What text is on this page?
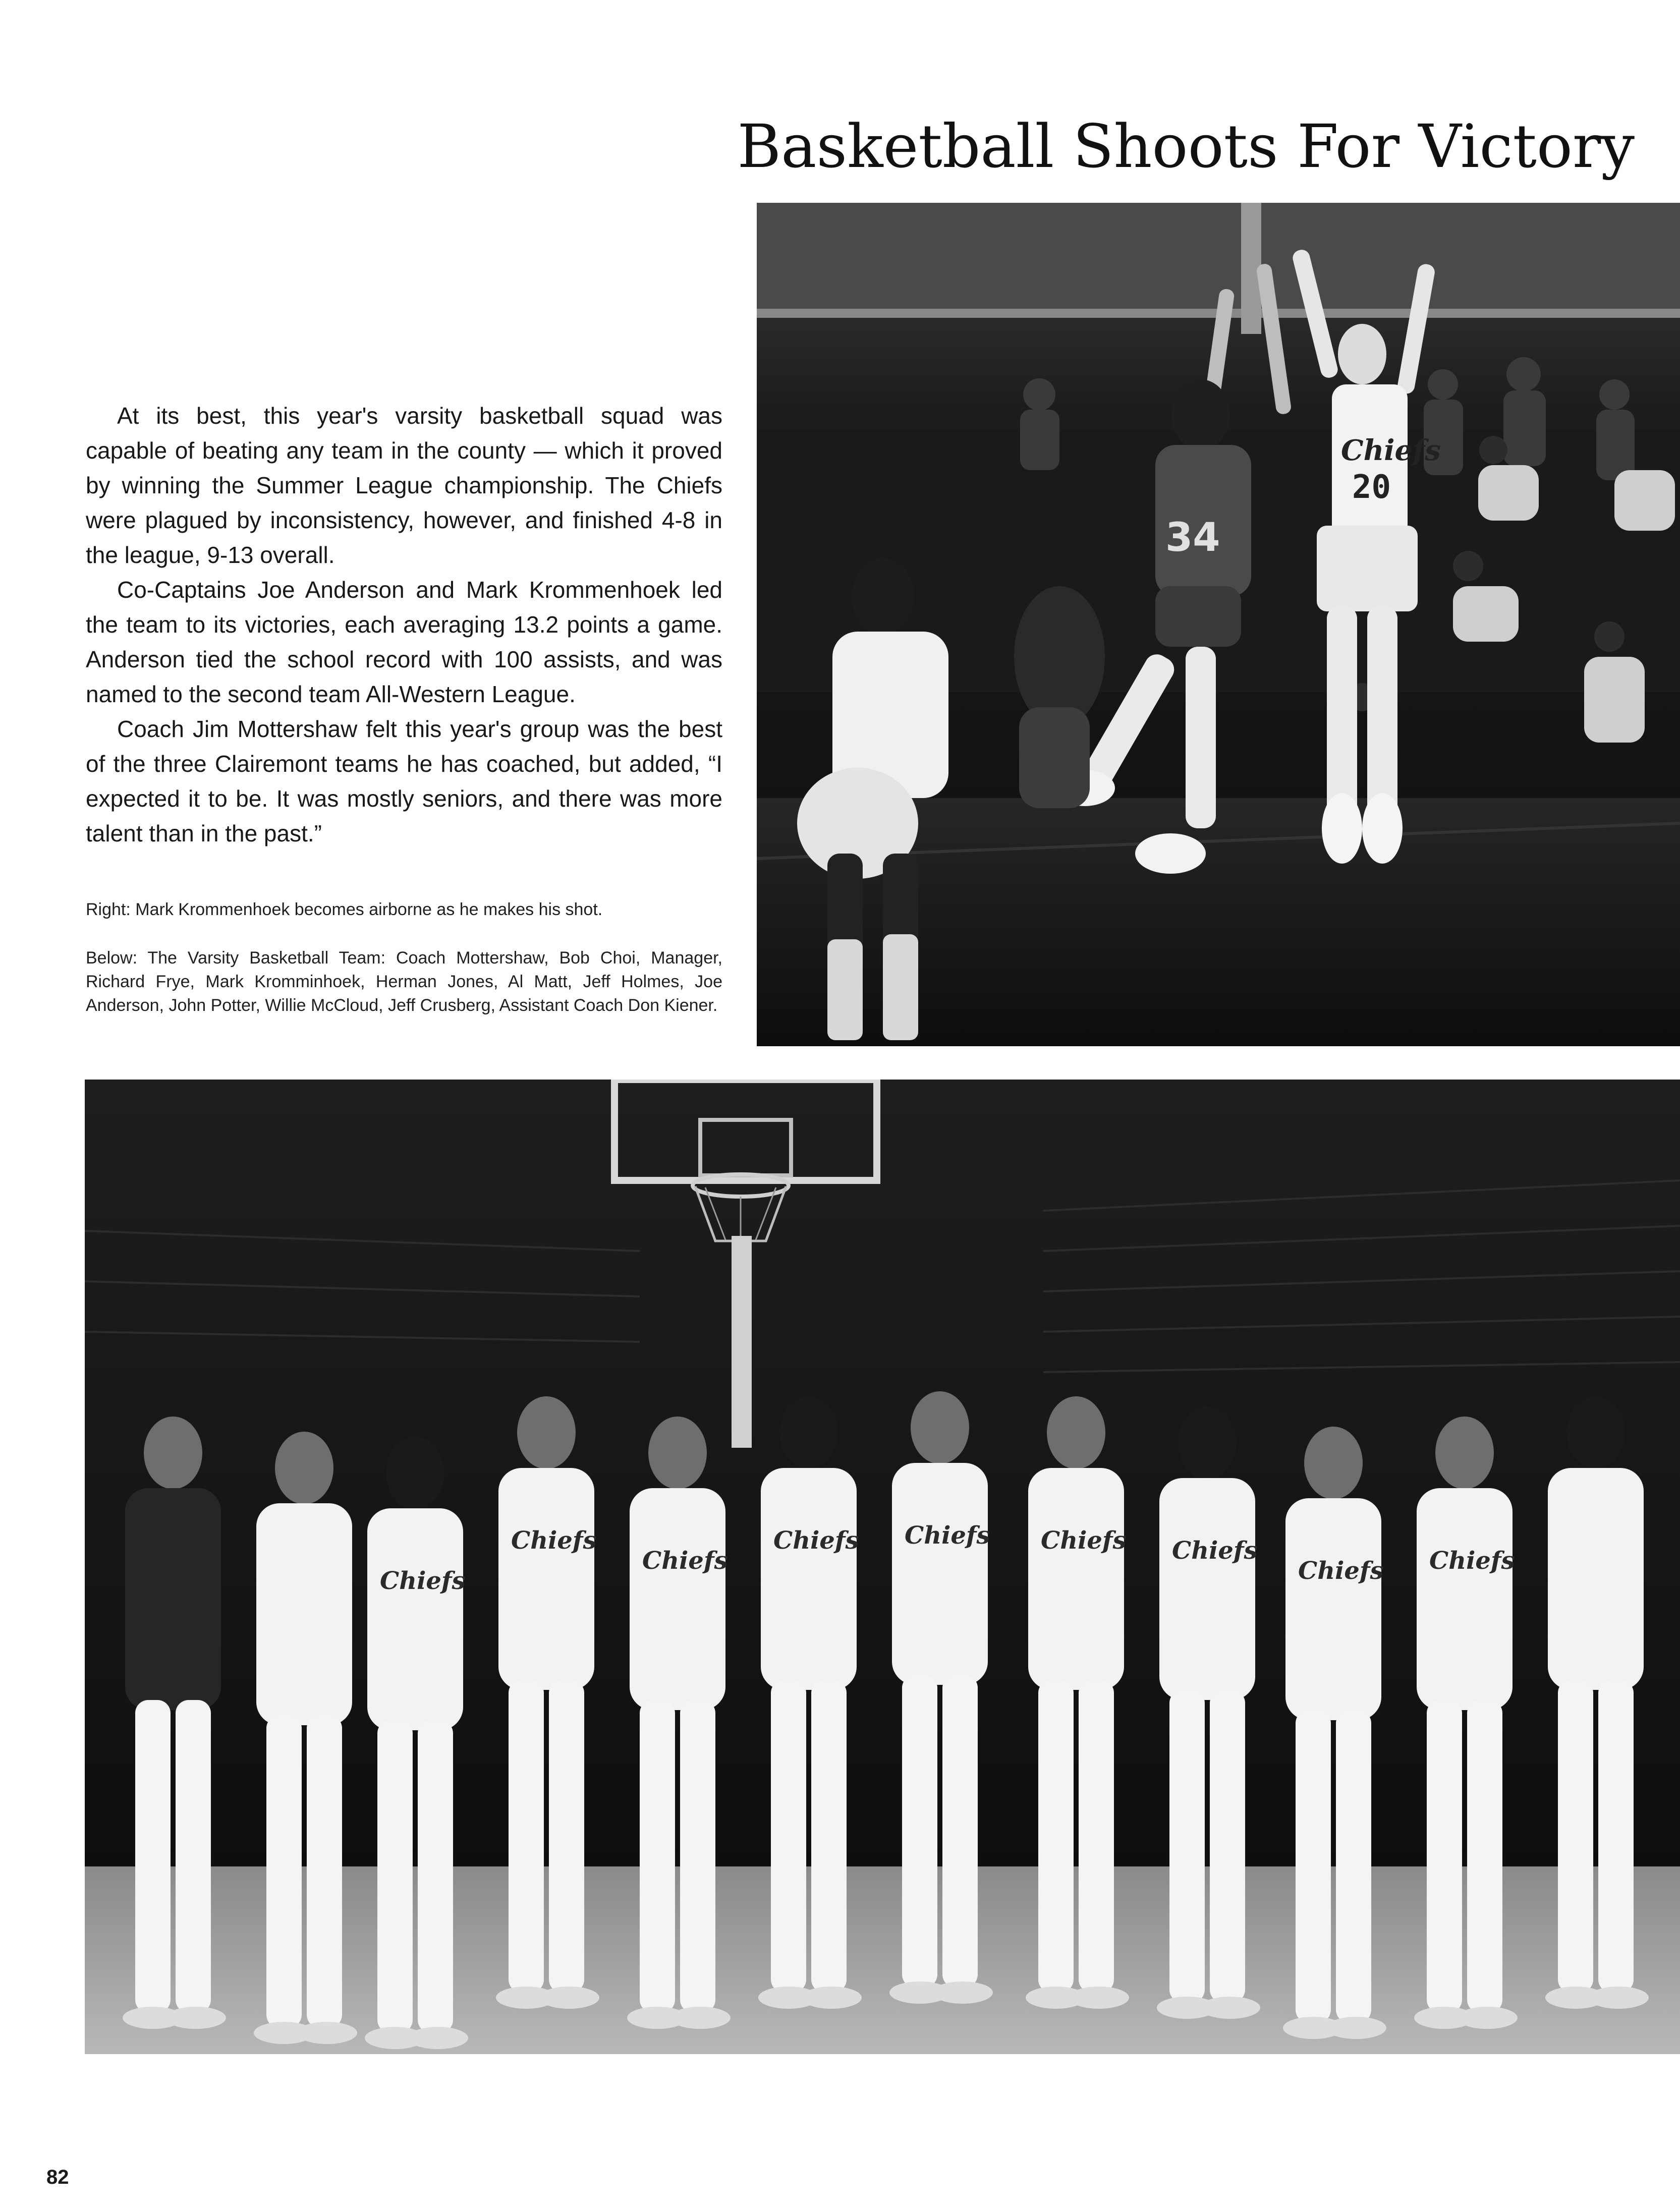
Basketball Shoots For Victory
Chiefs
20
34

At its best, this year's varsity basketball squad was capable of beating any team in the county — which it proved by winning the Summer League championship. The Chiefs were plagued by inconsistency, however, and finished 4-8 in the league, 9-13 overall.

Co-Captains Joe Anderson and Mark Krommenhoek led the team to its victories, each averaging 13.2 points a game. Anderson tied the school record with 100 assists, and was named to the second team All-Western League.

Coach Jim Mottershaw felt this year's group was the best of the three Clairemont teams he has coached, but added, “I expected it to be. It was mostly seniors, and there was more talent than in the past.”

Right: Mark Krommenhoek becomes airborne as he makes his shot.

Below: The Varsity Basketball Team: Coach Mottershaw, Bob Choi, Manager, Richard Frye, Mark Kromminhoek, Herman Jones, Al Matt, Jeff Holmes, Joe Anderson, John Potter, Willie McCloud, Jeff Crusberg, Assistant Coach Don Kiener.

Chiefs
Chiefs
Chiefs
Chiefs Chiefs Chiefs Chiefs
Chiefs Chiefs

82
